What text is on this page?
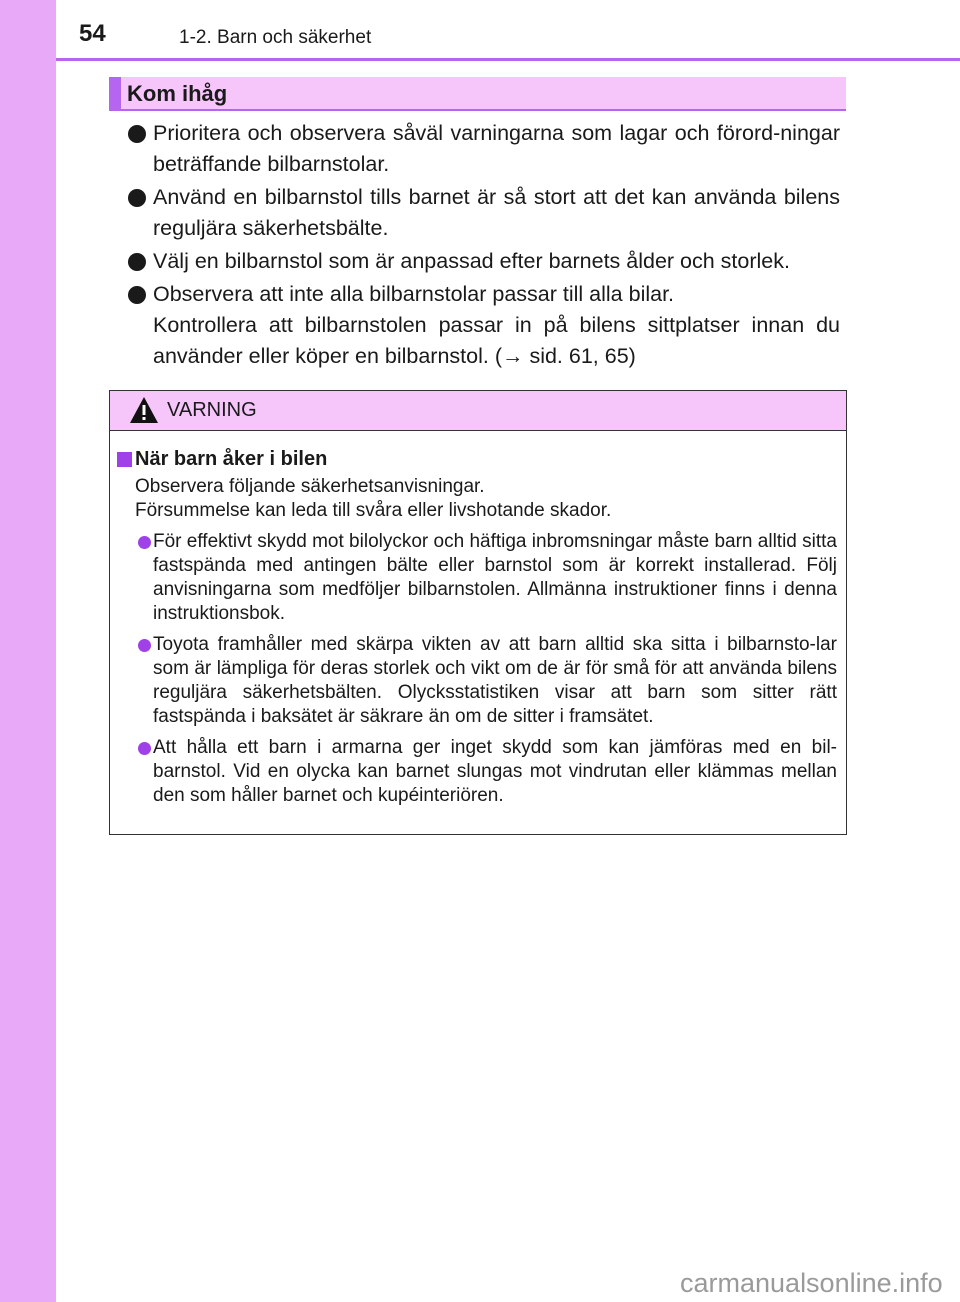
54	1-2. Barn och säkerhet
Kom ihåg
Prioritera och observera såväl varningarna som lagar och förord-ningar beträffande bilbarnstolar.
Använd en bilbarnstol tills barnet är så stort att det kan använda bilens reguljära säkerhetsbälte.
Välj en bilbarnstol som är anpassad efter barnets ålder och storlek.
Observera att inte alla bilbarnstolar passar till alla bilar.
Kontrollera att bilbarnstolen passar in på bilens sittplatser innan du använder eller köper en bilbarnstol. (→ sid. 61, 65)
VARNING
När barn åker i bilen
Observera följande säkerhetsanvisningar.
Försummelse kan leda till svåra eller livshotande skador.
För effektivt skydd mot bilolyckor och häftiga inbromsningar måste barn alltid sitta fastspända med antingen bälte eller barnstol som är korrekt installerad. Följ anvisningarna som medföljer bilbarnstolen. Allmänna instruktioner finns i denna instruktionsbok.
Toyota framhåller med skärpa vikten av att barn alltid ska sitta i bilbarnsto-lar som är lämpliga för deras storlek och vikt om de är för små för att använda bilens reguljära säkerhetsbälten. Olycksstatistiken visar att barn som sitter rätt fastspända i baksätet är säkrare än om de sitter i framsätet.
Att hålla ett barn i armarna ger inget skydd som kan jämföras med en bil-barnstol. Vid en olycka kan barnet slungas mot vindrutan eller klämmas mellan den som håller barnet och kupéinteriören.
carmanualsonline.info
